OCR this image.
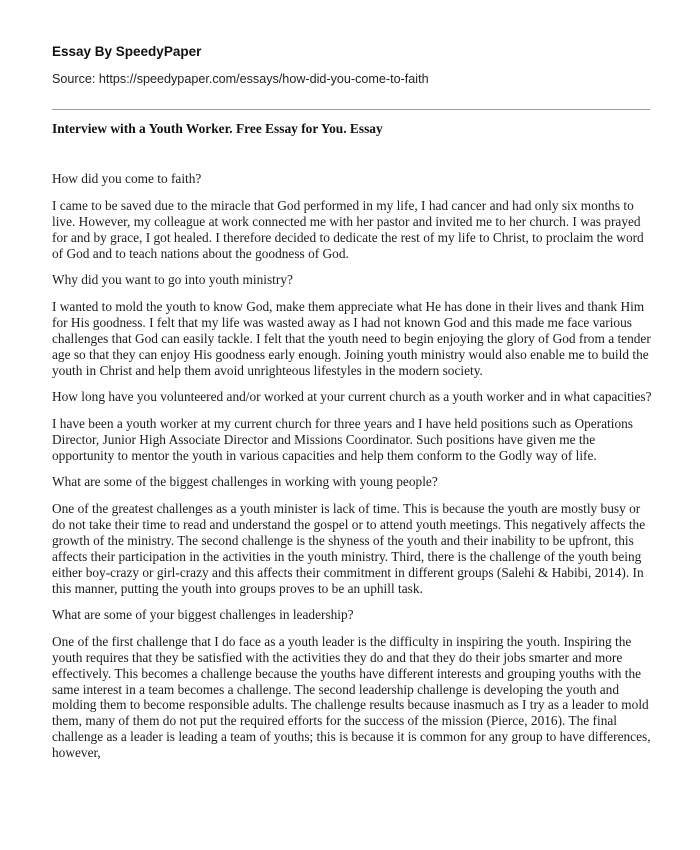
Essay By SpeedyPaper
Source: https://speedypaper.com/essays/how-did-you-come-to-faith
Interview with a Youth Worker. Free Essay for You. Essay

How did you come to faith?

I came to be saved due to the miracle that God performed in my life, I had cancer and had only six months to live. However, my colleague at work connected me with her pastor and invited me to her church. I was prayed for and by grace, I got healed. I therefore decided to dedicate the rest of my life to Christ, to proclaim the word of God and to teach nations about the goodness of God.

Why did you want to go into youth ministry?

I wanted to mold the youth to know God, make them appreciate what He has done in their lives and thank Him for His goodness. I felt that my life was wasted away as I had not known God and this made me face various challenges that God can easily tackle. I felt that the youth need to begin enjoying the glory of God from a tender age so that they can enjoy His goodness early enough. Joining youth ministry would also enable me to build the youth in Christ and help them avoid unrighteous lifestyles in the modern society.

How long have you volunteered and/or worked at your current church as a youth worker and in what capacities?

I have been a youth worker at my current church for three years and I have held positions such as Operations Director, Junior High Associate Director and Missions Coordinator. Such positions have given me the opportunity to mentor the youth in various capacities and help them conform to the Godly way of life.

What are some of the biggest challenges in working with young people?

One of the greatest challenges as a youth minister is lack of time. This is because the youth are mostly busy or do not take their time to read and understand the gospel or to attend youth meetings. This negatively affects the growth of the ministry. The second challenge is the shyness of the youth and their inability to be upfront, this affects their participation in the activities in the youth ministry. Third, there is the challenge of the youth being either boy-crazy or girl-crazy and this affects their commitment in different groups (Salehi & Habibi, 2014). In this manner, putting the youth into groups proves to be an uphill task.

What are some of your biggest challenges in leadership?

One of the first challenge that I do face as a youth leader is the difficulty in inspiring the youth. Inspiring the youth requires that they be satisfied with the activities they do and that they do their jobs smarter and more effectively. This becomes a challenge because the youths have different interests and grouping youths with the same interest in a team becomes a challenge. The second leadership challenge is developing the youth and molding them to become responsible adults. The challenge results because inasmuch as I try as a leader to mold them, many of them do not put the required efforts for the success of the mission (Pierce, 2016). The final challenge as a leader is leading a team of youths; this is because it is common for any group to have differences, however,
